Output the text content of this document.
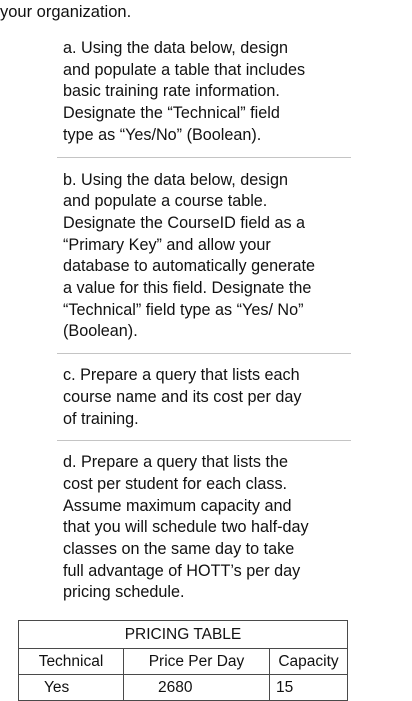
your organization.

a. Using the data below, design
and populate a table that includes
basic training rate information.
Designate the “Technical” field
type as “Yes/No” (Boolean).

b. Using the data below, design
and populate a course table.
Designate the CourseID field as a
“Primary Key” and allow your
database to automatically generate
a value for this field. Designate the
“Technical” field type as “Yes/ No”
(Boolean).

c. Prepare a query that lists each
course name and its cost per day
of training.

d. Prepare a query that lists the
cost per student for each class.
Assume maximum capacity and
that you will schedule two half-day
classes on the same day to take
full advantage of HOTT’s per day
pricing schedule.

PRICING TABLE		
Technical	Price Per Day	Capacity
Yes	2680	15
